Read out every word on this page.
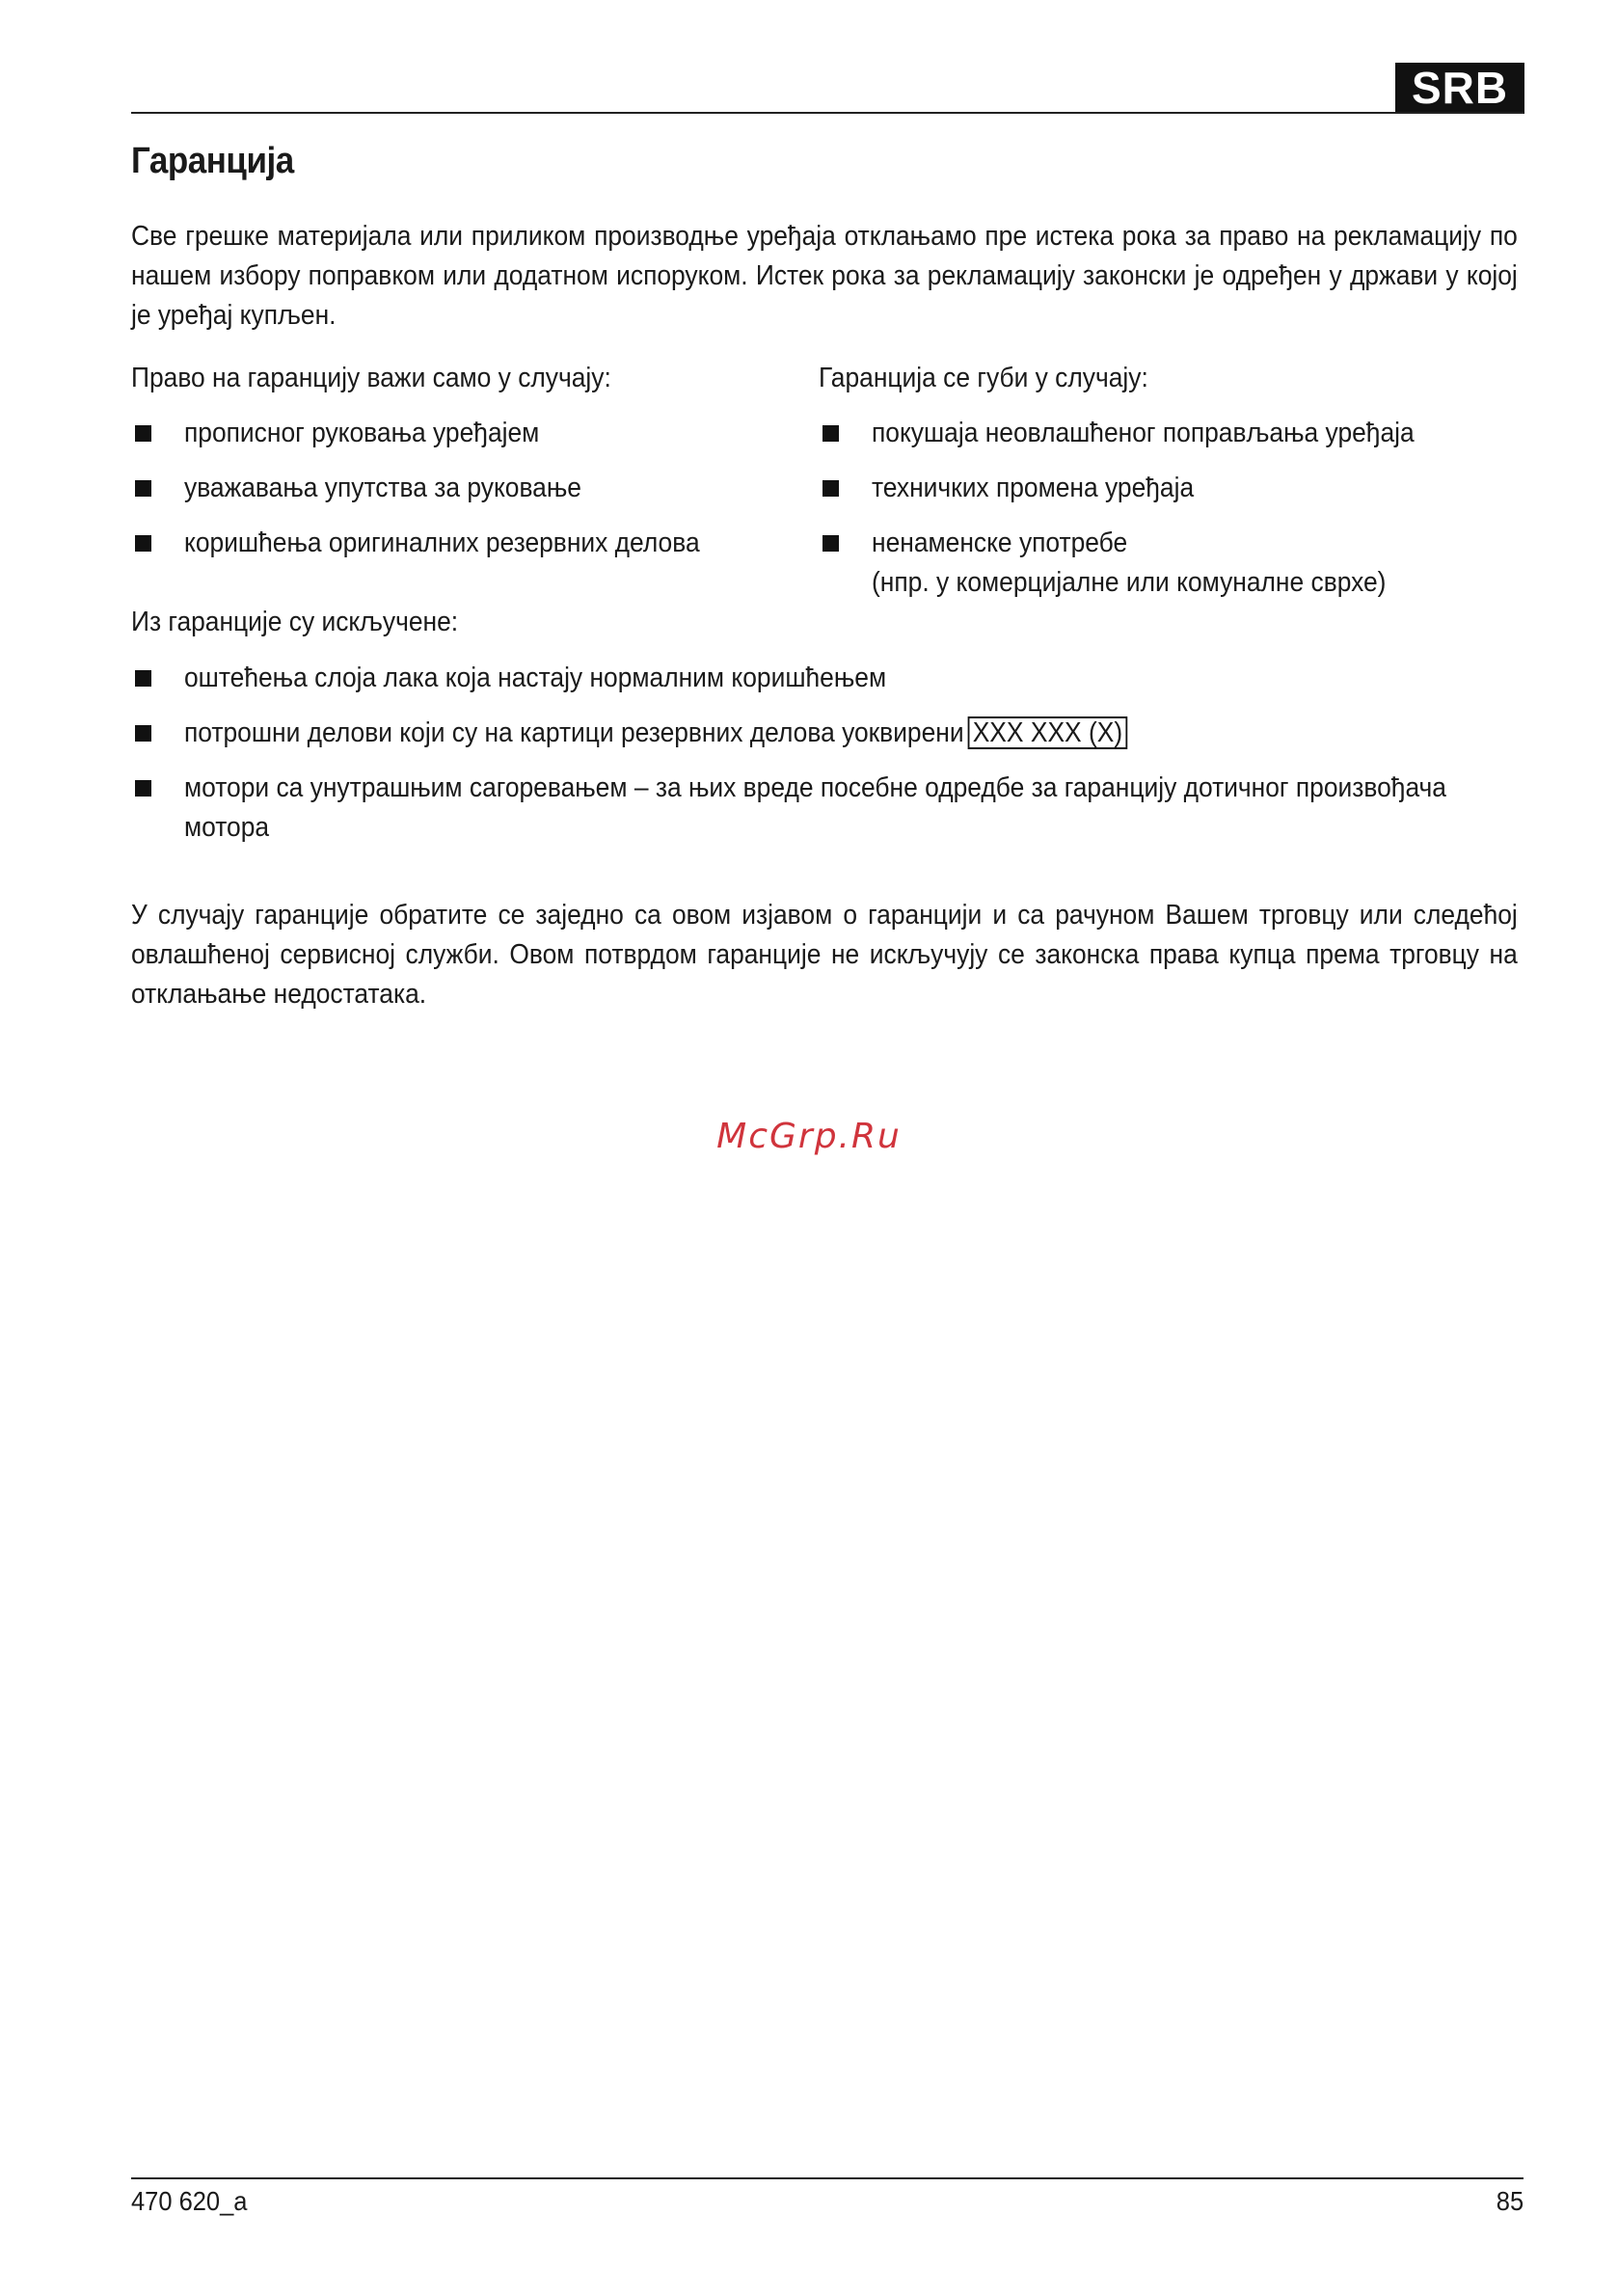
SRB
Гаранција

Све грешке материјала или приликом производње уређаја отклањамо пре истека рока за право на рекламацију по нашем избору поправком или додатном испоруком. Истек рока за рекламацију законски је одређен у држави у којој је уређај купљен.

Право на гаранцију важи само у случају:

прописног руковања уређајем
уважавања упутства за руковање
коришћења оригиналних резервних делова

Гаранција се губи у случају:

покушаја неовлашћеног поправљања уређаја
техничких промена уређаја
ненаменске употребе
(нпр. у комерцијалне или комуналне сврхе)

Из гаранције су искључене:

оштећења слоја лака која настају нормалним коришћењем
потрошни делови који су на картици резервних делова уоквирени XXX XXX (X)
мотори са унутрашњим сагоревањем – за њих вреде посебне одредбе за гаранцију дотичног произвођача
мотора

У случају гаранције обратите се заједно са овом изјавом о гаранцији и са рачуном Вашем трговцу или следећој овлашћеној сервисној служби. Овом потврдом гаранције не искључују се законска права купца према трговцу на отклањање недостатака.

McGrp.Ru
470 620_a	85
